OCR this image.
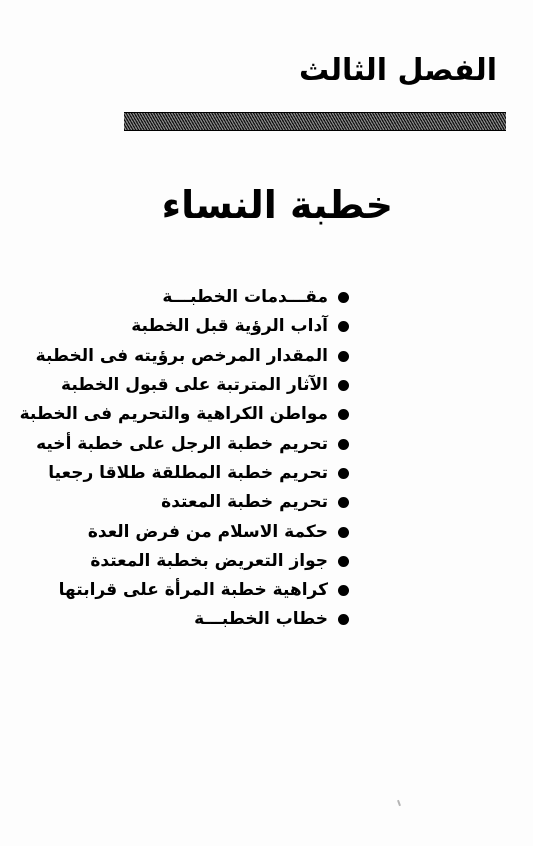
الفصل الثالث
خطبة النساء
مقـــدمات الخطبـــة
آداب الرؤية قبل الخطبة
المقدار المرخص برؤيته فى الخطبة
الآثار المترتبة على قبول الخطبة
مواطن الكراهية والتحريم فى الخطبة
تحريم خطبة الرجل على خطبة أخيه
تحريم خطبة المطلقة طلاقا رجعيا
تحريم خطبة المعتدة
حكمة الاسلام من فرض العدة
جواز التعريض بخطبة المعتدة
كراهية خطبة المرأة على قرابتها
خطاب الخطبـــة
